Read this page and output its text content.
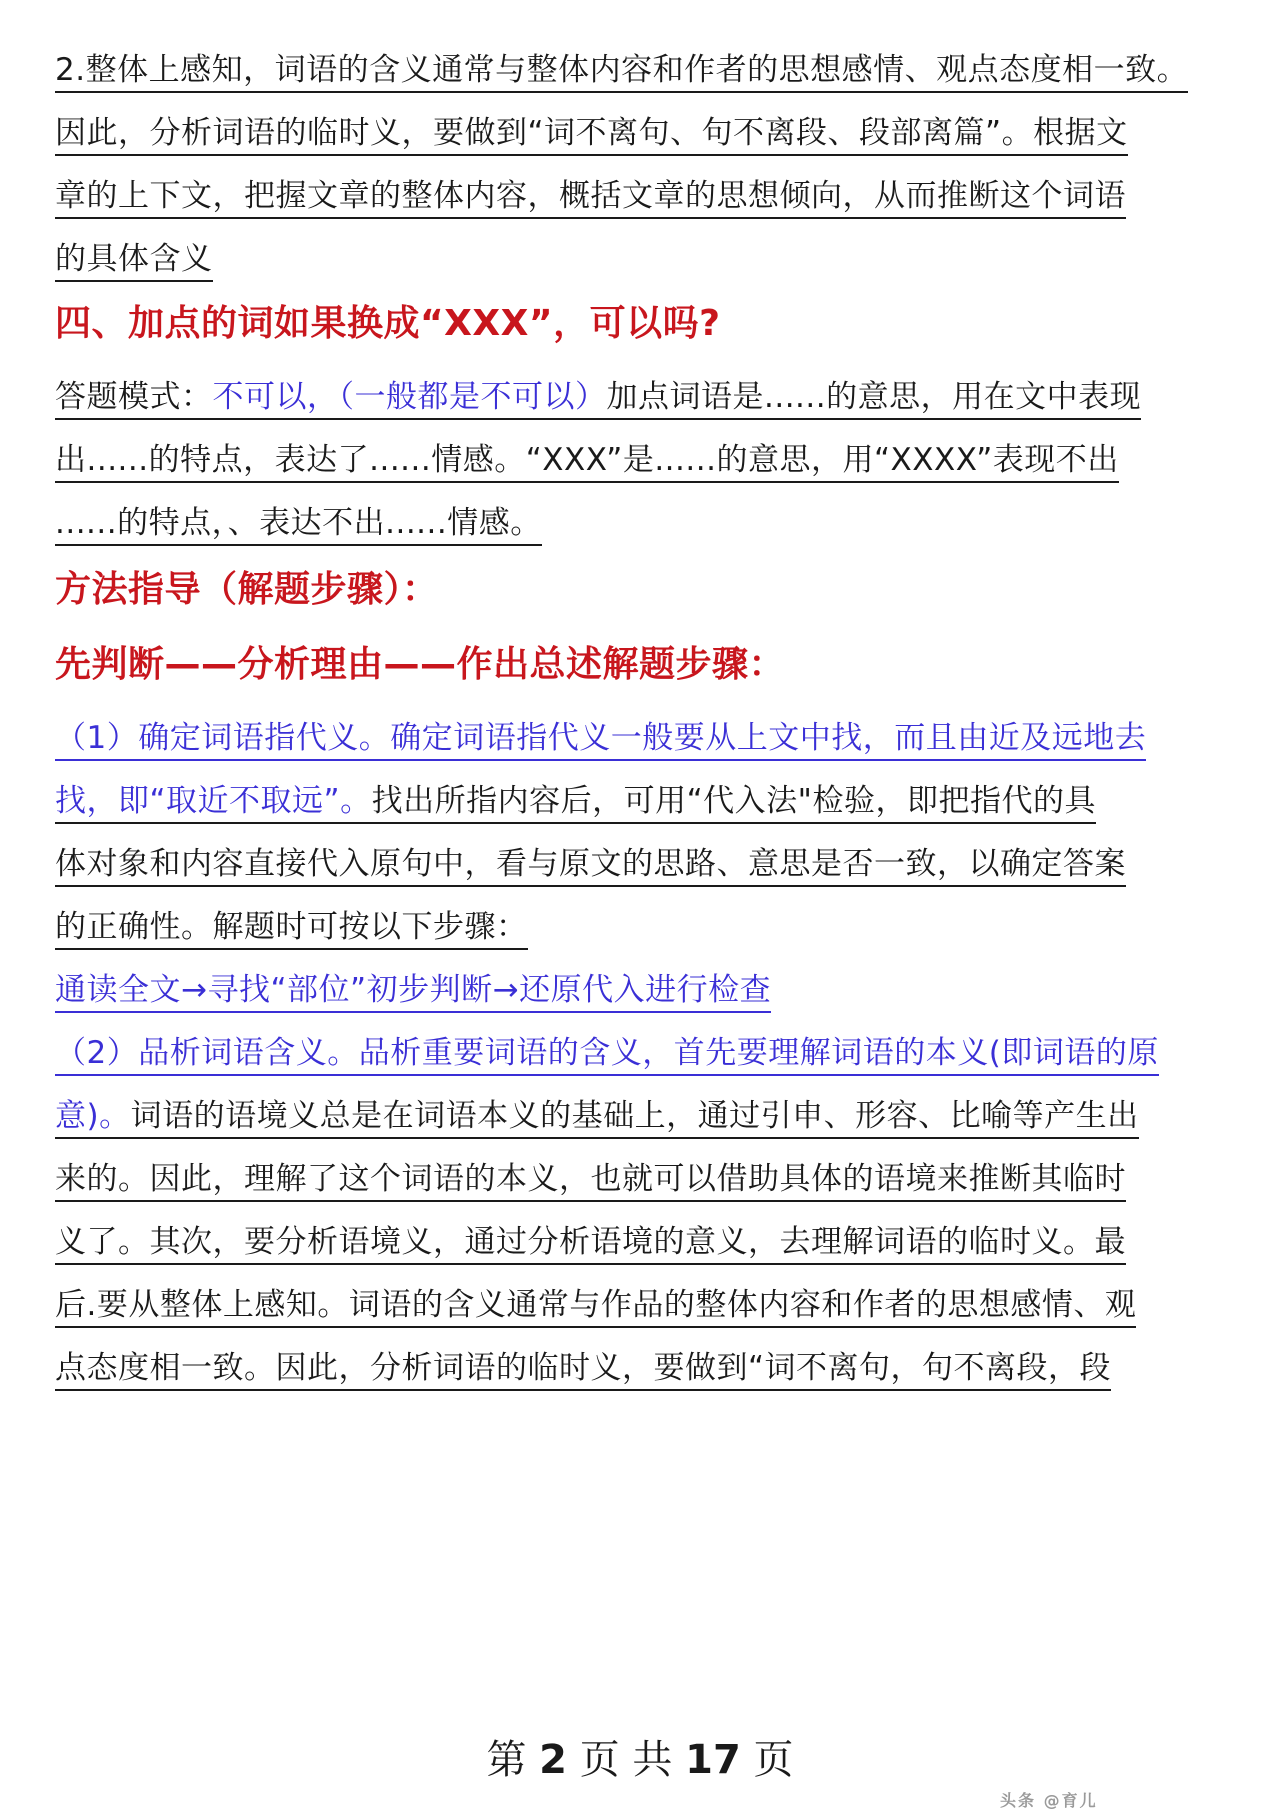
2.整体上感知，词语的含义通常与整体内容和作者的思想感情、观点态度相一致。
因此，分析词语的临时义，要做到“词不离句、句不离段、段部离篇”。根据文
章的上下文，把握文章的整体内容，概括文章的思想倾向，从而推断这个词语
的具体含义
四、加点的词如果换成“XXX”，可以吗?
答题模式：不可以，（一般都是不可以）加点词语是......的意思，用在文中表现
出......的特点，表达了......情感。“XXX”是......的意思，用“XXXX”表现不出
......的特点，、表达不出......情感。
方法指导（解题步骤）：
先判断——分析理由——作出总述解题步骤：
（1）确定词语指代义。确定词语指代义一般要从上文中找，而且由近及远地去
找，即“取近不取远”。找出所指内容后，可用“代入法"检验，即把指代的具
体对象和内容直接代入原句中，看与原文的思路、意思是否一致，以确定答案
的正确性。解题时可按以下步骤：
通读全文→寻找“部位”初步判断→还原代入进行检查
（2）品析词语含义。品析重要词语的含义，首先要理解词语的本义(即词语的原
意)。词语的语境义总是在词语本义的基础上，通过引申、形容、比喻等产生出
来的。因此，理解了这个词语的本义，也就可以借助具体的语境来推断其临时
义了。其次，要分析语境义，通过分析语境的意义，去理解词语的临时义。最
后.要从整体上感知。词语的含义通常与作品的整体内容和作者的思想感情、观
点态度相一致。因此，分析词语的临时义，要做到“词不离句，句不离段，段
第 2 页 共 17 页
头条 @育儿
